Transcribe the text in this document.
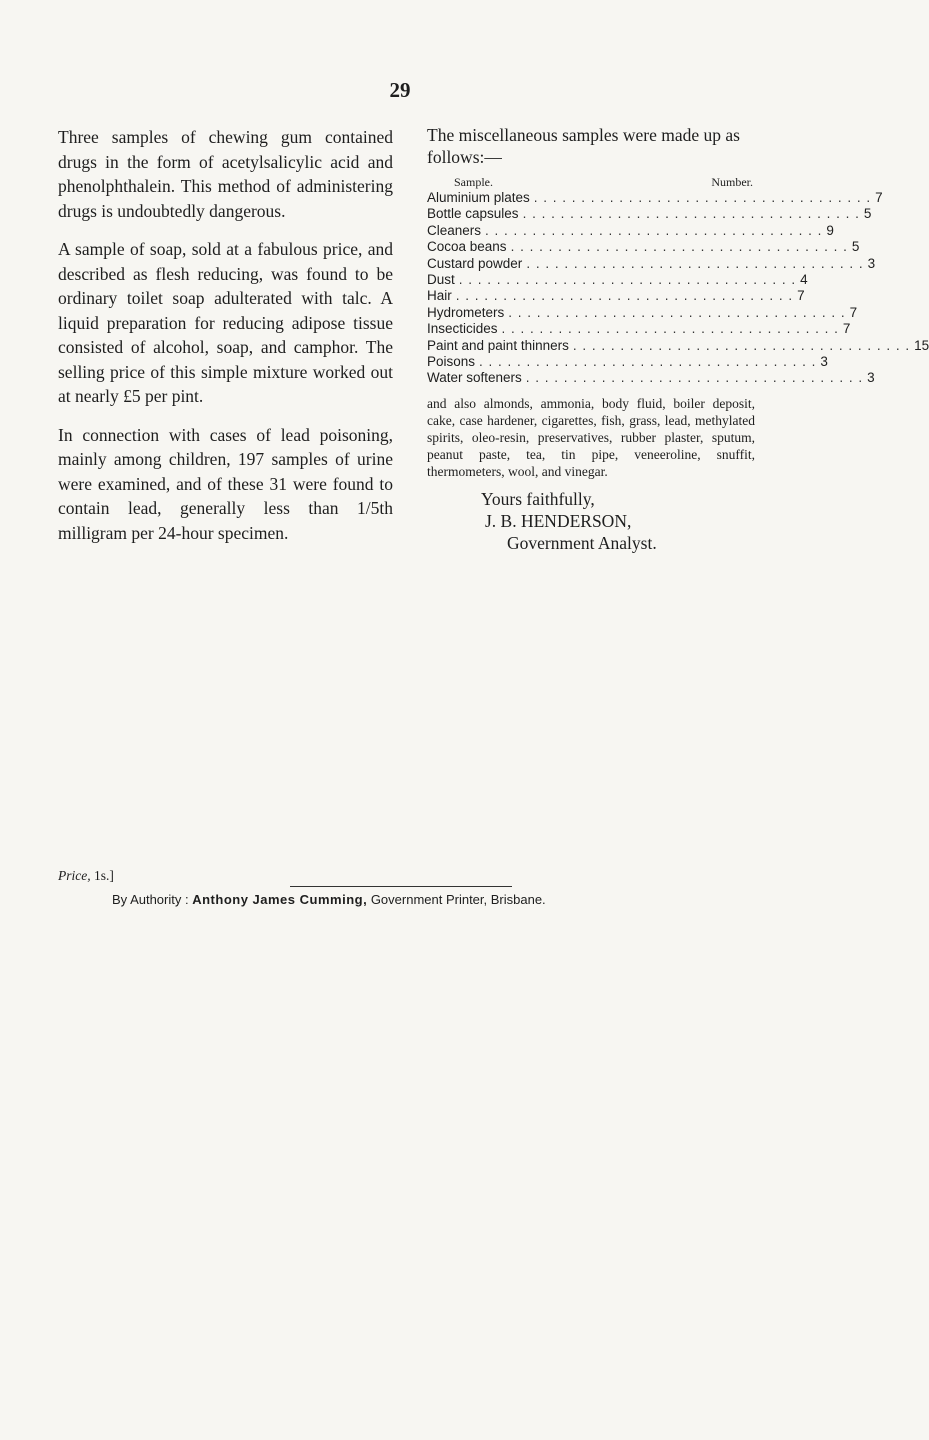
29

Three samples of chewing gum contained drugs in the form of acetylsalicylic acid and phenolphthalein. This method of administering drugs is undoubtedly dangerous.

A sample of soap, sold at a fabulous price, and described as flesh reducing, was found to be ordinary toilet soap adulterated with talc. A liquid preparation for reducing adipose tissue consisted of alcohol, soap, and camphor. The selling price of this simple mixture worked out at nearly £5 per pint.

In connection with cases of lead poisoning, mainly among children, 197 samples of urine were examined, and of these 31 were found to contain lead, generally less than 1/5th milligram per 24-hour specimen.

The miscellaneous samples were made up as follows:—

Sample.	Number.
Aluminium plates . . . . . . . . . . . . . . . . . . . . . . . . . . . . . . . . . . . . 7
Bottle capsules . . . . . . . . . . . . . . . . . . . . . . . . . . . . . . . . . . . . 5
Cleaners . . . . . . . . . . . . . . . . . . . . . . . . . . . . . . . . . . . . 9
Cocoa beans . . . . . . . . . . . . . . . . . . . . . . . . . . . . . . . . . . . . 5
Custard powder . . . . . . . . . . . . . . . . . . . . . . . . . . . . . . . . . . . . 3
Dust . . . . . . . . . . . . . . . . . . . . . . . . . . . . . . . . . . . . 4
Hair . . . . . . . . . . . . . . . . . . . . . . . . . . . . . . . . . . . . 7
Hydrometers . . . . . . . . . . . . . . . . . . . . . . . . . . . . . . . . . . . . 7
Insecticides . . . . . . . . . . . . . . . . . . . . . . . . . . . . . . . . . . . . 7
Paint and paint thinners . . . . . . . . . . . . . . . . . . . . . . . . . . . . . . . . . . . . 15
Poisons . . . . . . . . . . . . . . . . . . . . . . . . . . . . . . . . . . . . 3
Water softeners . . . . . . . . . . . . . . . . . . . . . . . . . . . . . . . . . . . . 3
and also almonds, ammonia, body fluid, boiler deposit, cake, case hardener, cigarettes, fish, grass, lead, methylated spirits, oleo-resin, preservatives, rubber plaster, sputum, peanut paste, tea, tin pipe, veneeroline, snuffit, thermometers, wool, and vinegar.
Yours faithfully,
J. B. HENDERSON,
Government Analyst.
Price, 1s.]
By Authority : Anthony James Cumming, Government Printer, Brisbane.
